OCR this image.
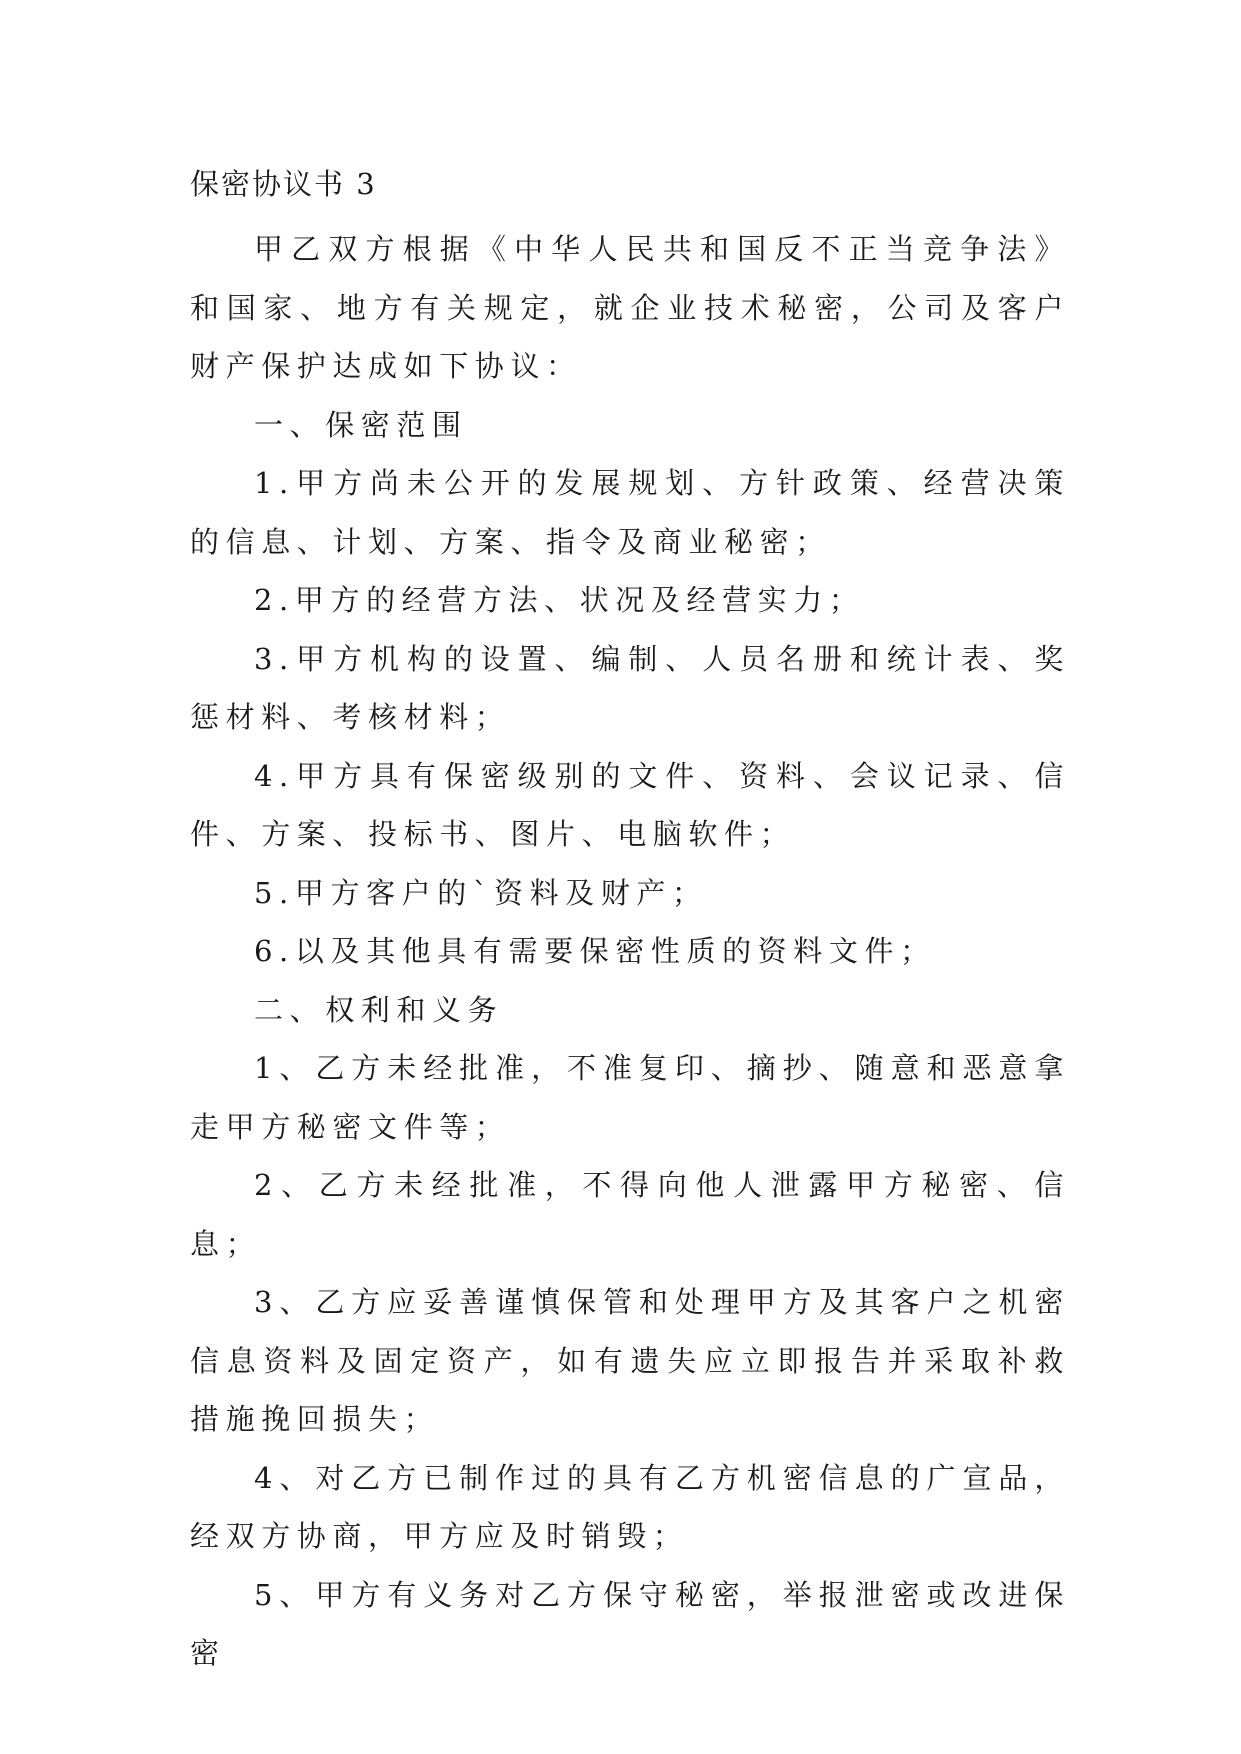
保密协议书 3

甲乙双方根据《中华人民共和国反不正当竞争法》和国家、地方有关规定，就企业技术秘密，公司及客户财产保护达成如下协议：

一、保密范围

1.甲方尚未公开的发展规划、方针政策、经营决策的信息、计划、方案、指令及商业秘密；

2.甲方的经营方法、状况及经营实力；

3.甲方机构的设置、编制、人员名册和统计表、奖惩材料、考核材料；

4.甲方具有保密级别的文件、资料、会议记录、信件、方案、投标书、图片、电脑软件；

5.甲方客户的`资料及财产；

6.以及其他具有需要保密性质的资料文件；

二、权利和义务

1、乙方未经批准，不准复印、摘抄、随意和恶意拿走甲方秘密文件等；

2、乙方未经批准，不得向他人泄露甲方秘密、信息；

3、乙方应妥善谨慎保管和处理甲方及其客户之机密信息资料及固定资产，如有遗失应立即报告并采取补救措施挽回损失；

4、对乙方已制作过的具有乙方机密信息的广宣品，经双方协商，甲方应及时销毁；

5、甲方有义务对乙方保守秘密，举报泄密或改进保密
